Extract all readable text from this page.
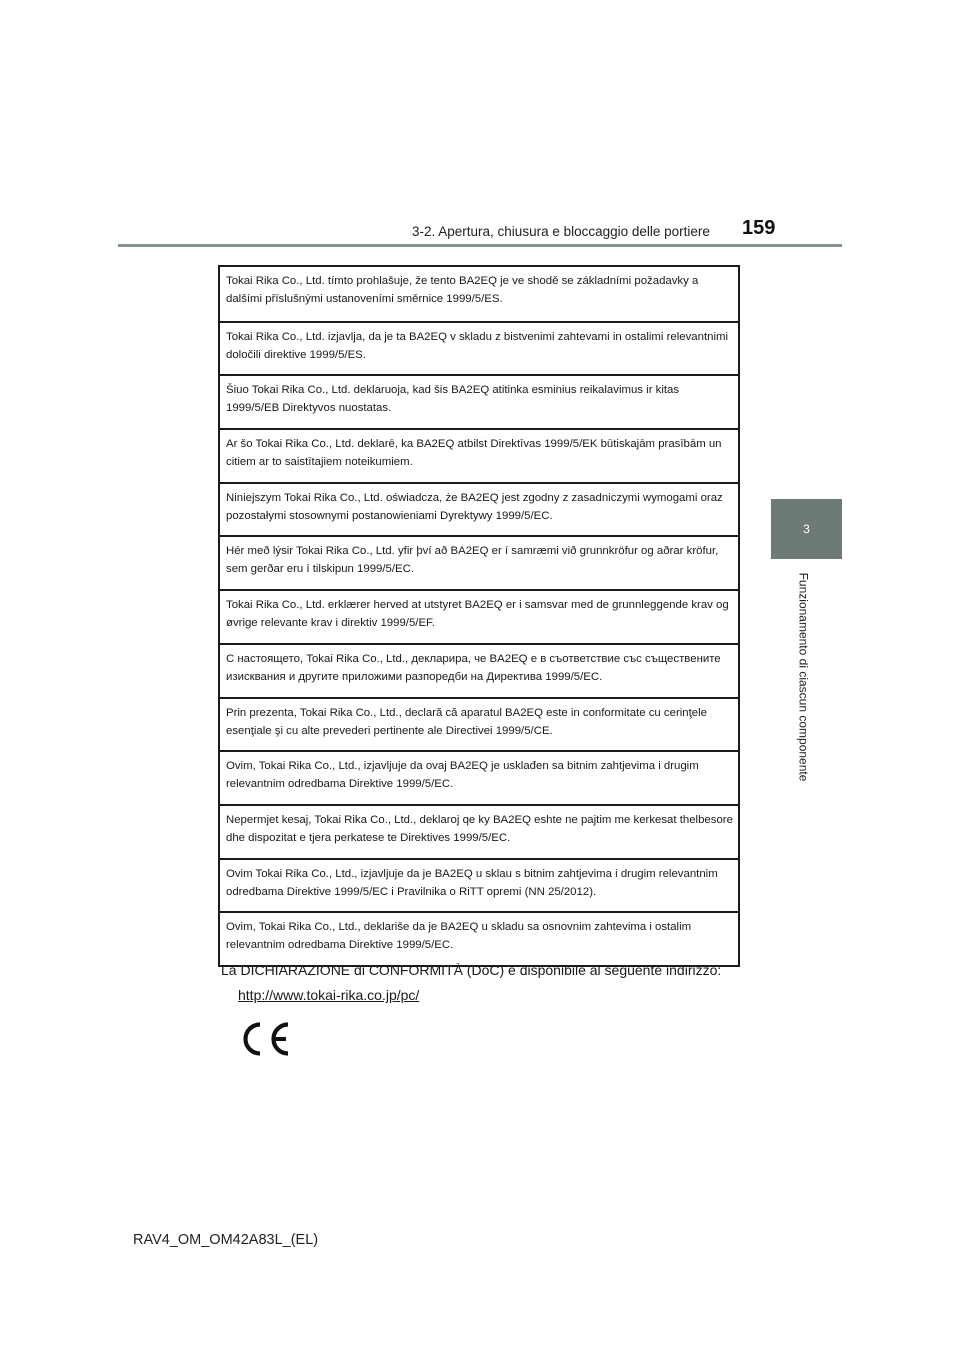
3-2. Apertura, chiusura e bloccaggio delle portiere 159
3
Funzionamento di ciascun componente
Tokai Rika Co., Ltd. tímto prohlašuje, že tento BA2EQ je ve shodě se základními požadavky a dalšími příslušnými ustanoveními směrnice 1999/5/ES.
Tokai Rika Co., Ltd. izjavlja, da je ta BA2EQ v skladu z bistvenimi zahtevami in ostalimi relevantnimi določili direktive 1999/5/ES.
Šiuo Tokai Rika Co., Ltd. deklaruoja, kad šis BA2EQ atitinka esminius reikalavimus ir kitas 1999/5/EB Direktyvos nuostatas.
Ar šo Tokai Rika Co., Ltd. deklarē, ka BA2EQ atbilst Direktīvas 1999/5/EK būtiskajām prasībām un citiem ar to saistītajiem noteikumiem.
Niniejszym Tokai Rika Co., Ltd. oświadcza, że BA2EQ jest zgodny z zasadniczymi wymogami oraz pozostałymi stosownymi postanowieniami Dyrektywy 1999/5/EC.
Hér með lýsir Tokai Rika Co., Ltd. yfir því að BA2EQ er í samræmi við grunnkröfur og aðrar kröfur, sem gerðar eru í tilskipun 1999/5/EC.
Tokai Rika Co., Ltd. erklærer herved at utstyret BA2EQ er i samsvar med de grunnleggende krav og øvrige relevante krav i direktiv 1999/5/EF.
С настоящето, Tokai Rika Co., Ltd., декларира, че BA2EQ е в съответствие със съществените изисквания и другите приложими разпоредби на Директива 1999/5/EC.
Prin prezenta, Tokai Rika Co., Ltd., declară că aparatul BA2EQ este in conformitate cu cerinţele esenţiale şi cu alte prevederi pertinente ale Directivei 1999/5/CE.
Ovim, Tokai Rika Co., Ltd., izjavljuje da ovaj BA2EQ je usklađen sa bitnim zahtjevima i drugim relevantnim odredbama Direktive 1999/5/EC.
Nepermjet kesaj, Tokai Rika Co., Ltd., deklaroj qe ky BA2EQ eshte ne pajtim me kerkesat thelbesore dhe dispozitat e tjera perkatese te Direktives 1999/5/EC.
Ovim Tokai Rika Co., Ltd., izjavljuje da je BA2EQ u sklau s bitnim zahtjevima i drugim relevantnim odredbama Direktive 1999/5/EC i Pravilnika o RiTT opremi (NN 25/2012).
Ovim, Tokai Rika Co., Ltd., deklariše da je BA2EQ u skladu sa osnovnim zahtevima i ostalim relevantnim odredbama Direktive 1999/5/EC.
La DICHIARAZIONE di CONFORMITÀ (DoC) è disponibile al seguente indirizzo:
http://www.tokai-rika.co.jp/pc/
RAV4_OM_OM42A83L_(EL)
